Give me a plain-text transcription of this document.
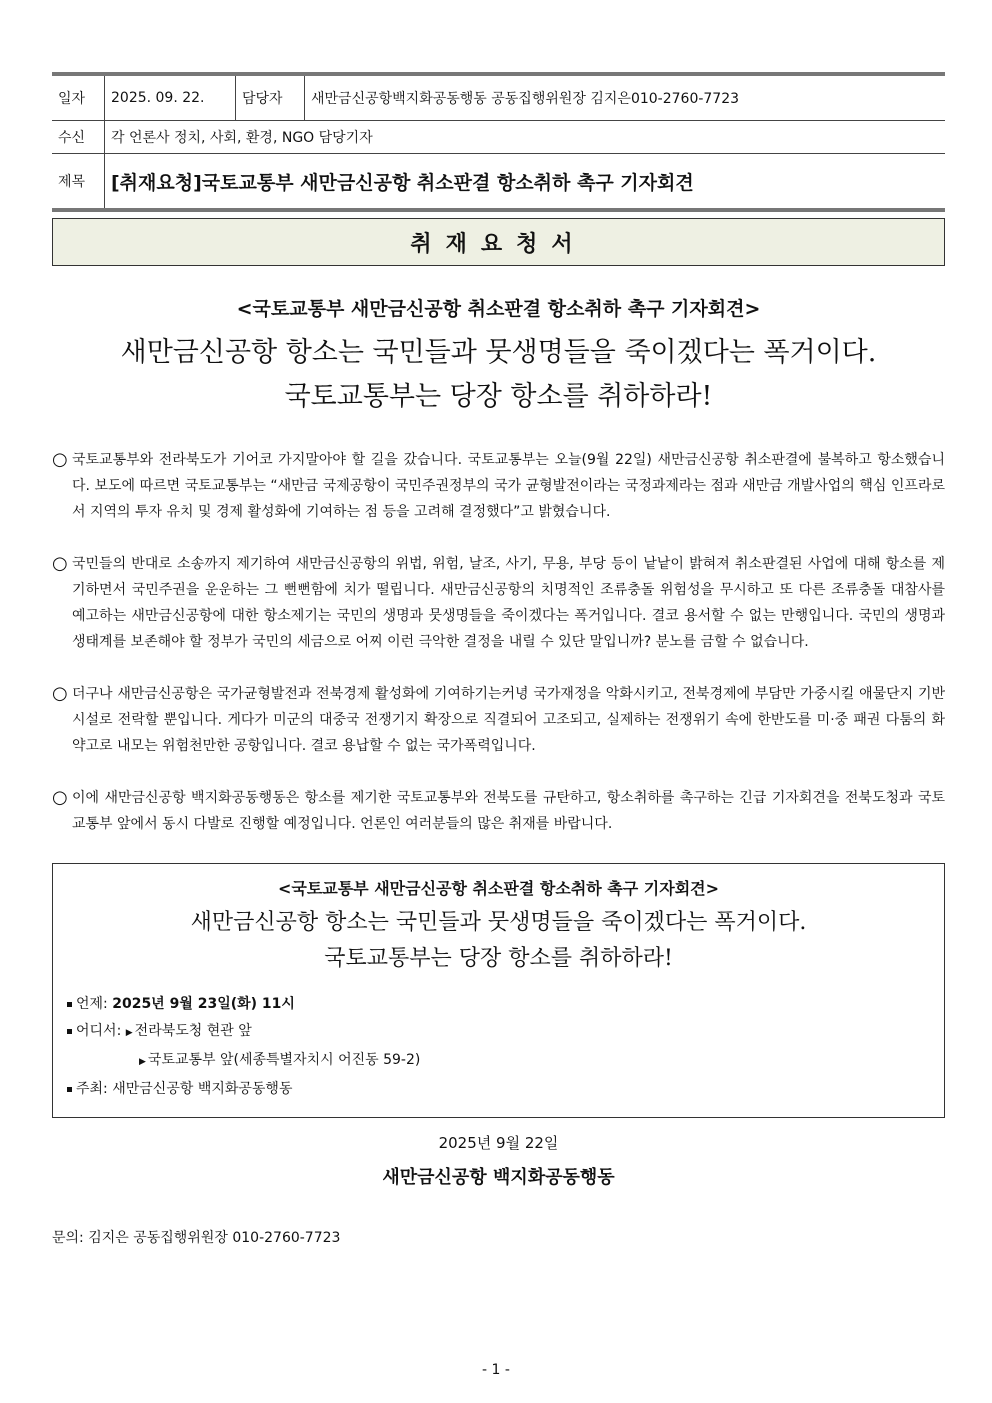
일자	2025. 09. 22.	담당자	새만금신공항백지화공동행동 공동집행위원장 김지은010-2760-7723
수신	각 언론사 정치, 사회, 환경, NGO 담당기자		
제목	[취재요청]국토교통부 새만금신공항 취소판결 항소취하 촉구 기자회견		
취재요청서
<국토교통부 새만금신공항 취소판결 항소취하 촉구 기자회견>
새만금신공항 항소는 국민들과 뭇생명들을 죽이겠다는 폭거이다.
국토교통부는 당장 항소를 취하하라!
○ 국토교통부와 전라북도가 기어코 가지말아야 할 길을 갔습니다. 국토교통부는 오늘(9월 22일) 새만금신공항 취소판결에 불복하고 항소했습니다. 보도에 따르면 국토교통부는 “새만금 국제공항이 국민주권정부의 국가 균형발전이라는 국정과제라는 점과 새만금 개발사업의 핵심 인프라로서 지역의 투자 유치 및 경제 활성화에 기여하는 점 등을 고려해 결정했다”고 밝혔습니다.
○ 국민들의 반대로 소송까지 제기하여 새만금신공항의 위법, 위험, 날조, 사기, 무용, 부당 등이 낱낱이 밝혀져 취소판결된 사업에 대해 항소를 제기하면서 국민주권을 운운하는 그 뻔뻔함에 치가 떨립니다. 새만금신공항의 치명적인 조류충돌 위험성을 무시하고 또 다른 조류충돌 대참사를 예고하는 새만금신공항에 대한 항소제기는 국민의 생명과 뭇생명들을 죽이겠다는 폭거입니다. 결코 용서할 수 없는 만행입니다. 국민의 생명과 생태계를 보존해야 할 정부가 국민의 세금으로 어찌 이런 극악한 결정을 내릴 수 있단 말입니까? 분노를 금할 수 없습니다.
○ 더구나 새만금신공항은 국가균형발전과 전북경제 활성화에 기여하기는커녕 국가재정을 악화시키고, 전북경제에 부담만 가중시킬 애물단지 기반시설로 전락할 뿐입니다. 게다가 미군의 대중국 전쟁기지 확장으로 직결되어 고조되고, 실제하는 전쟁위기 속에 한반도를 미·중 패권 다툼의 화약고로 내모는 위험천만한 공항입니다. 결코 용납할 수 없는 국가폭력입니다.
○ 이에 새만금신공항 백지화공동행동은 항소를 제기한 국토교통부와 전북도를 규탄하고, 항소취하를 촉구하는 긴급 기자회견을 전북도청과 국토교통부 앞에서 동시 다발로 진행할 예정입니다. 언론인 여러분들의 많은 취재를 바랍니다.
<국토교통부 새만금신공항 취소판결 항소취하 촉구 기자회견>
새만금신공항 항소는 국민들과 뭇생명들을 죽이겠다는 폭거이다.
국토교통부는 당장 항소를 취하하라!
언제: 2025년 9월 23일(화) 11시
어디서: ▶ 전라북도청 현관 앞
▶ 국토교통부 앞(세종특별자치시 어진동 59-2)
주최: 새만금신공항 백지화공동행동
2025년 9월 22일
새만금신공항 백지화공동행동
문의: 김지은 공동집행위원장 010-2760-7723
- 1 -
